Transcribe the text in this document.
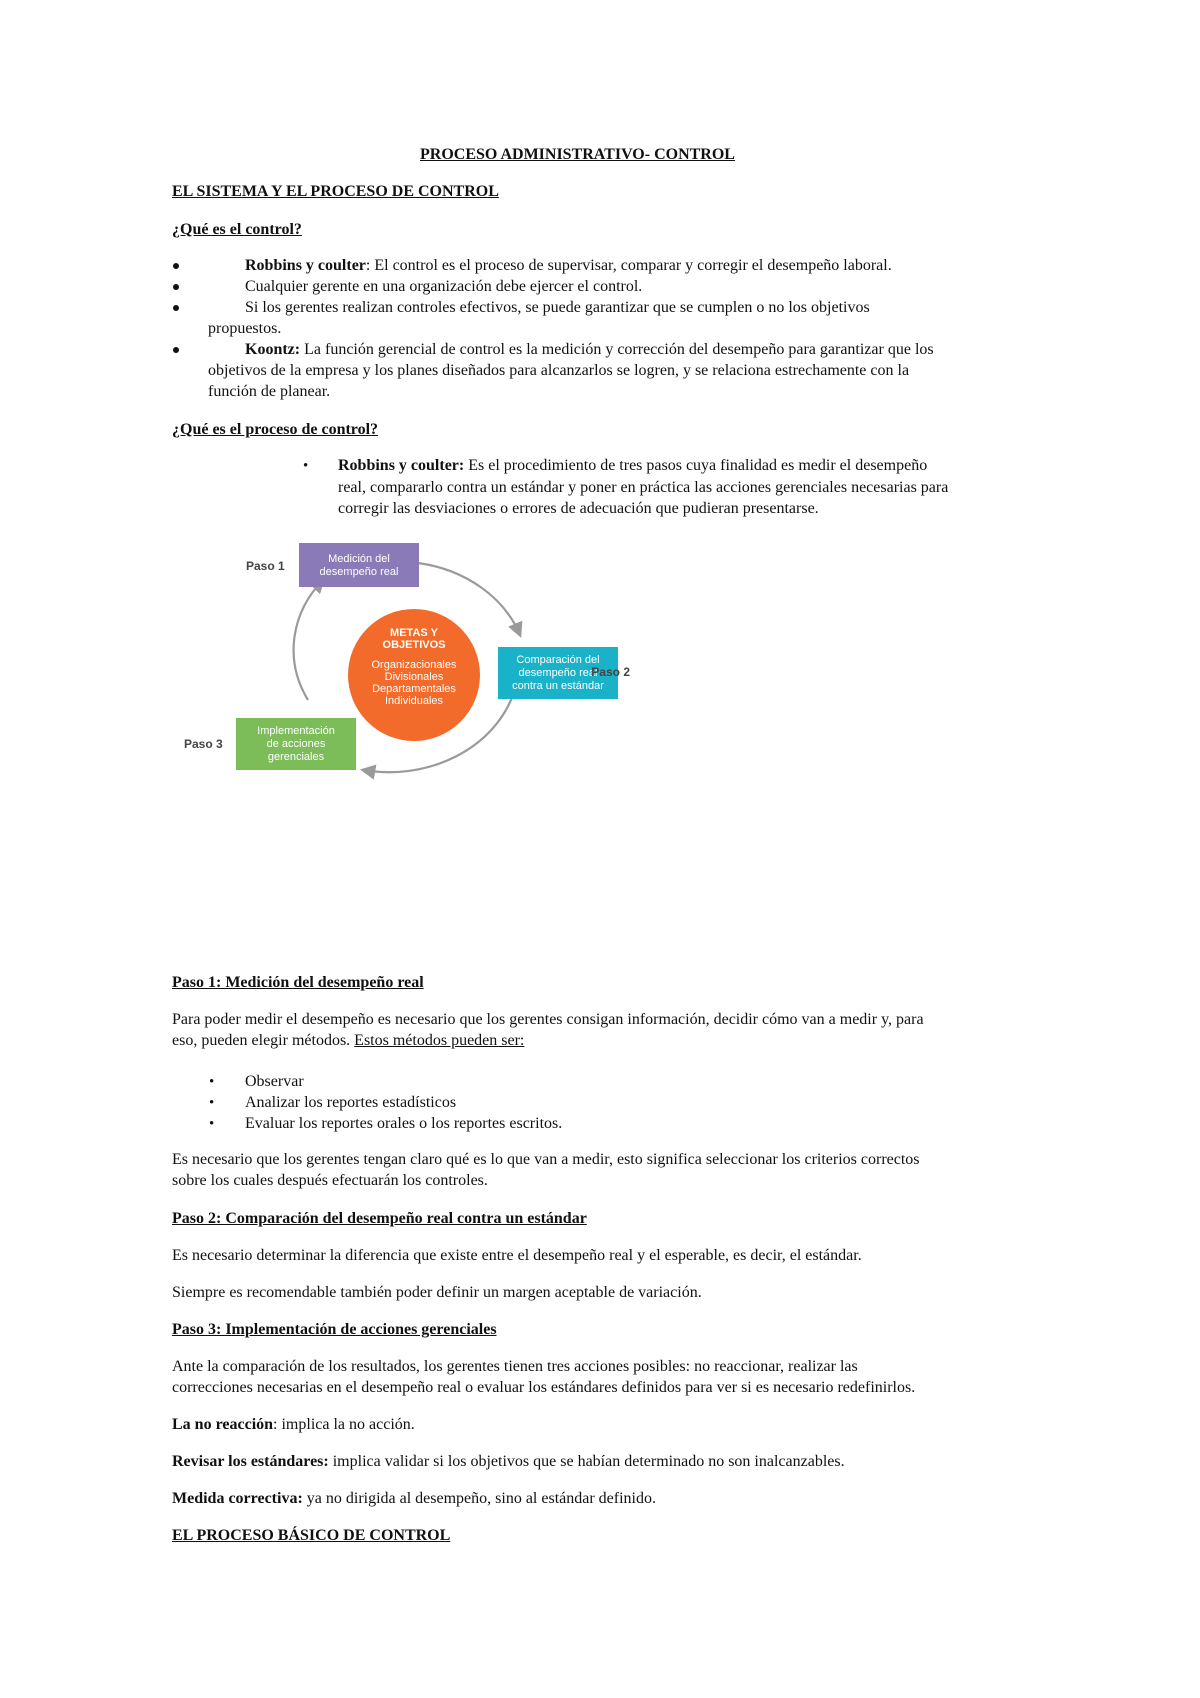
PROCESO ADMINISTRATIVO- CONTROL

EL SISTEMA Y EL PROCESO DE CONTROL

¿Qué es el control?

Robbins y coulter: El control es el proceso de supervisar, comparar y corregir el desempeño laboral.

Cualquier gerente en una organización debe ejercer el control.

Si los gerentes realizan controles efectivos, se puede garantizar que se cumplen o no los objetivos

propuestos.

Koontz: La función gerencial de control es la medición y corrección del desempeño para garantizar que los

objetivos de la empresa y los planes diseñados para alcanzarlos se logren, y se relaciona estrechamente con la

función de planear.

¿Qué es el proceso de control?

• Robbins y coulter: Es el procedimiento de tres pasos cuya finalidad es medir el desempeño

real, compararlo contra un estándar y poner en práctica las acciones gerenciales necesarias para

corregir las desviaciones o errores de adecuación que pudieran presentarse.

METAS Y
OBJETIVOS
Organizacionales
Divisionales
Departamentales
Individuales
Medición del
desempeño real
Paso 1
Comparación del
desempeño real
contra un estándar
Paso 2
Implementación
de acciones
gerenciales
Paso 3

Paso 1: Medición del desempeño real

Para poder medir el desempeño es necesario que los gerentes consigan información, decidir cómo van a medir y, para

eso, pueden elegir métodos. Estos métodos pueden ser:

• Observar

• Analizar los reportes estadísticos

• Evaluar los reportes orales o los reportes escritos.

Es necesario que los gerentes tengan claro qué es lo que van a medir, esto significa seleccionar los criterios correctos

sobre los cuales después efectuarán los controles.

Paso 2: Comparación del desempeño real contra un estándar

Es necesario determinar la diferencia que existe entre el desempeño real y el esperable, es decir, el estándar.

Siempre es recomendable también poder definir un margen aceptable de variación.

Paso 3: Implementación de acciones gerenciales

Ante la comparación de los resultados, los gerentes tienen tres acciones posibles: no reaccionar, realizar las

correcciones necesarias en el desempeño real o evaluar los estándares definidos para ver si es necesario redefinirlos.

La no reacción: implica la no acción.

Revisar los estándares: implica validar si los objetivos que se habían determinado no son inalcanzables.

Medida correctiva: ya no dirigida al desempeño, sino al estándar definido.

EL PROCESO BÁSICO DE CONTROL
